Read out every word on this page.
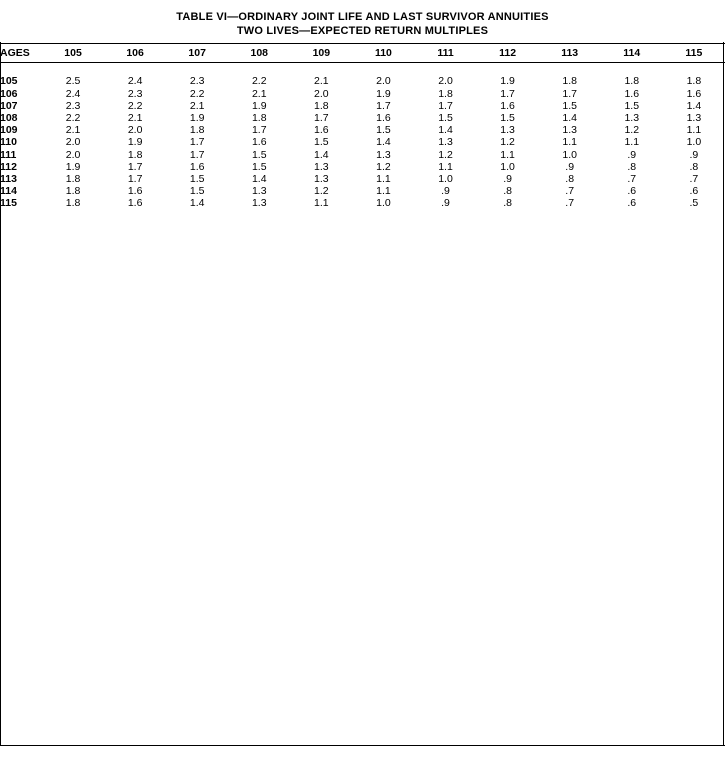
TABLE VI—ORDINARY JOINT LIFE AND LAST SURVIVOR ANNUITIES
TWO LIVES—EXPECTED RETURN MULTIPLES
AGES	105	106	107	108	109	110	111	112	113	114	115

105	2.5	2.4	2.3	2.2	2.1	2.0	2.0	1.9	1.8	1.8	1.8
106	2.4	2.3	2.2	2.1	2.0	1.9	1.8	1.7	1.7	1.6	1.6
107	2.3	2.2	2.1	1.9	1.8	1.7	1.7	1.6	1.5	1.5	1.4
108	2.2	2.1	1.9	1.8	1.7	1.6	1.5	1.5	1.4	1.3	1.3
109	2.1	2.0	1.8	1.7	1.6	1.5	1.4	1.3	1.3	1.2	1.1
110	2.0	1.9	1.7	1.6	1.5	1.4	1.3	1.2	1.1	1.1	1.0
111	2.0	1.8	1.7	1.5	1.4	1.3	1.2	1.1	1.0	.9	.9
112	1.9	1.7	1.6	1.5	1.3	1.2	1.1	1.0	.9	.8	.8
113	1.8	1.7	1.5	1.4	1.3	1.1	1.0	.9	.8	.7	.7
114	1.8	1.6	1.5	1.3	1.2	1.1	.9	.8	.7	.6	.6
115	1.8	1.6	1.4	1.3	1.1	1.0	.9	.8	.7	.6	.5
